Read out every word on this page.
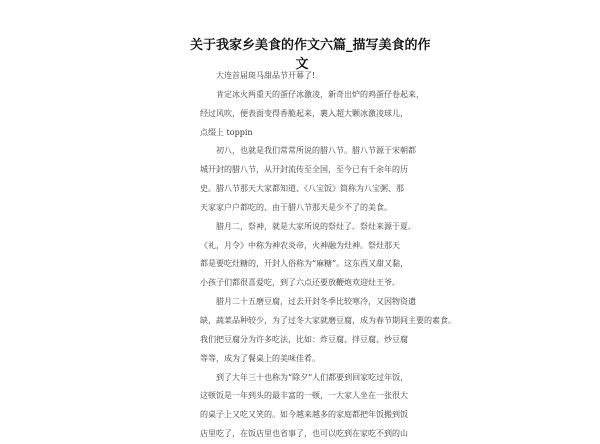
关于我家乡美食的作文六篇_描写美食的作
文
　　大连首届斑马甜品节开幕了!
　　肯定冰火两重天的蛋仔冰激凌，新奇出炉的鸡蛋仔卷起来，
经过风吹，便表面变得香脆起来，裹入超大颗冰激凌球儿，
点缀上 toppin
　　初八，也就是我们常常所说的腊八节。腊八节源于宋朝都
城开封的腊八节，从开封流传至全国，至今已有千余年的历
史。腊八节那天大家都知道、《八宝饭》简称为八宝粥、那
天家家户户都吃的、由于腊八节那天是少不了的美食。
　　腊月二，祭神，就是大家所说的祭灶了。祭灶来源于夏。
《礼，月令》中称为神农炎帝，火神融为灶神。祭灶那天
都是要吃灶糖的，开封人俗称为“麻糖”。这东西又甜又黏，
小孩子们都很喜爱吃，到了六点还要放鞭炮欢迎灶王爷。
　　腊月二十五磨豆腐，过去开封冬季比较寒冷，又因物资遗
缺，蔬菜品种较少，为了过冬大家就磨豆腐，成为春节期间主要的素食。
我们把豆腐分为许多吃法，比如：炸豆腐、拌豆腐、炒豆腐
等等，成为了餐桌上的美味佳肴。
　　到了大年三十也称为“除夕”人们都要到回家吃过年饭，
这顿饭是一年到头的最丰富的一顿，一大家人坐在一张很大
的桌子上又吃又笑的。如今越来越多的家庭都把年饭搬到饭
店里吃了，在饭店里也省事了，也可以吃到在家吃不到的山
